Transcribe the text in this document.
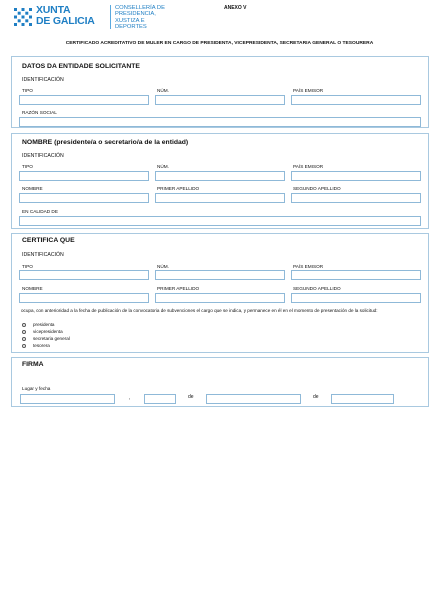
XUNTA
DE GALICIA
CONSELLERÍA DE
PRESIDENCIA,
XUSTIZA E DEPORTES
ANEXO V
CERTIFICADO ACREDITATIVO DE MULER EN CARGO DE PRESIDENTA, VICEPRESIDENTA, SECRETARIA GENERAL O TESOURERA
DATOS DA ENTIDADE SOLICITANTE
IDENTIFICACIÓN
TIPO	NÚM.	PAÍS EMISOR
RAZÓN SOCIAL
NOMBRE (presidente/a o secretario/a de la entidad)
IDENTIFICACIÓN
TIPO	NÚM.	PAÍS EMISOR
NOMBRE	PRIMER APELLIDO	SEGUNDO APELLIDO
EN CALIDAD DE
CERTIFICA QUE
IDENTIFICACIÓN
TIPO	NÚM.	PAÍS EMISOR
NOMBRE	PRIMER APELLIDO	SEGUNDO APELLIDO
ocupa, con anterioridad a la fecha de publicación de la convocatoria de subvenciones el cargo que se indica, y permanece en él en el momento de presentación de la solicitud:
presidenta
vicepresidenta
secretaria general
tesorera
FIRMA
Lugar y fecha
,	de	de
